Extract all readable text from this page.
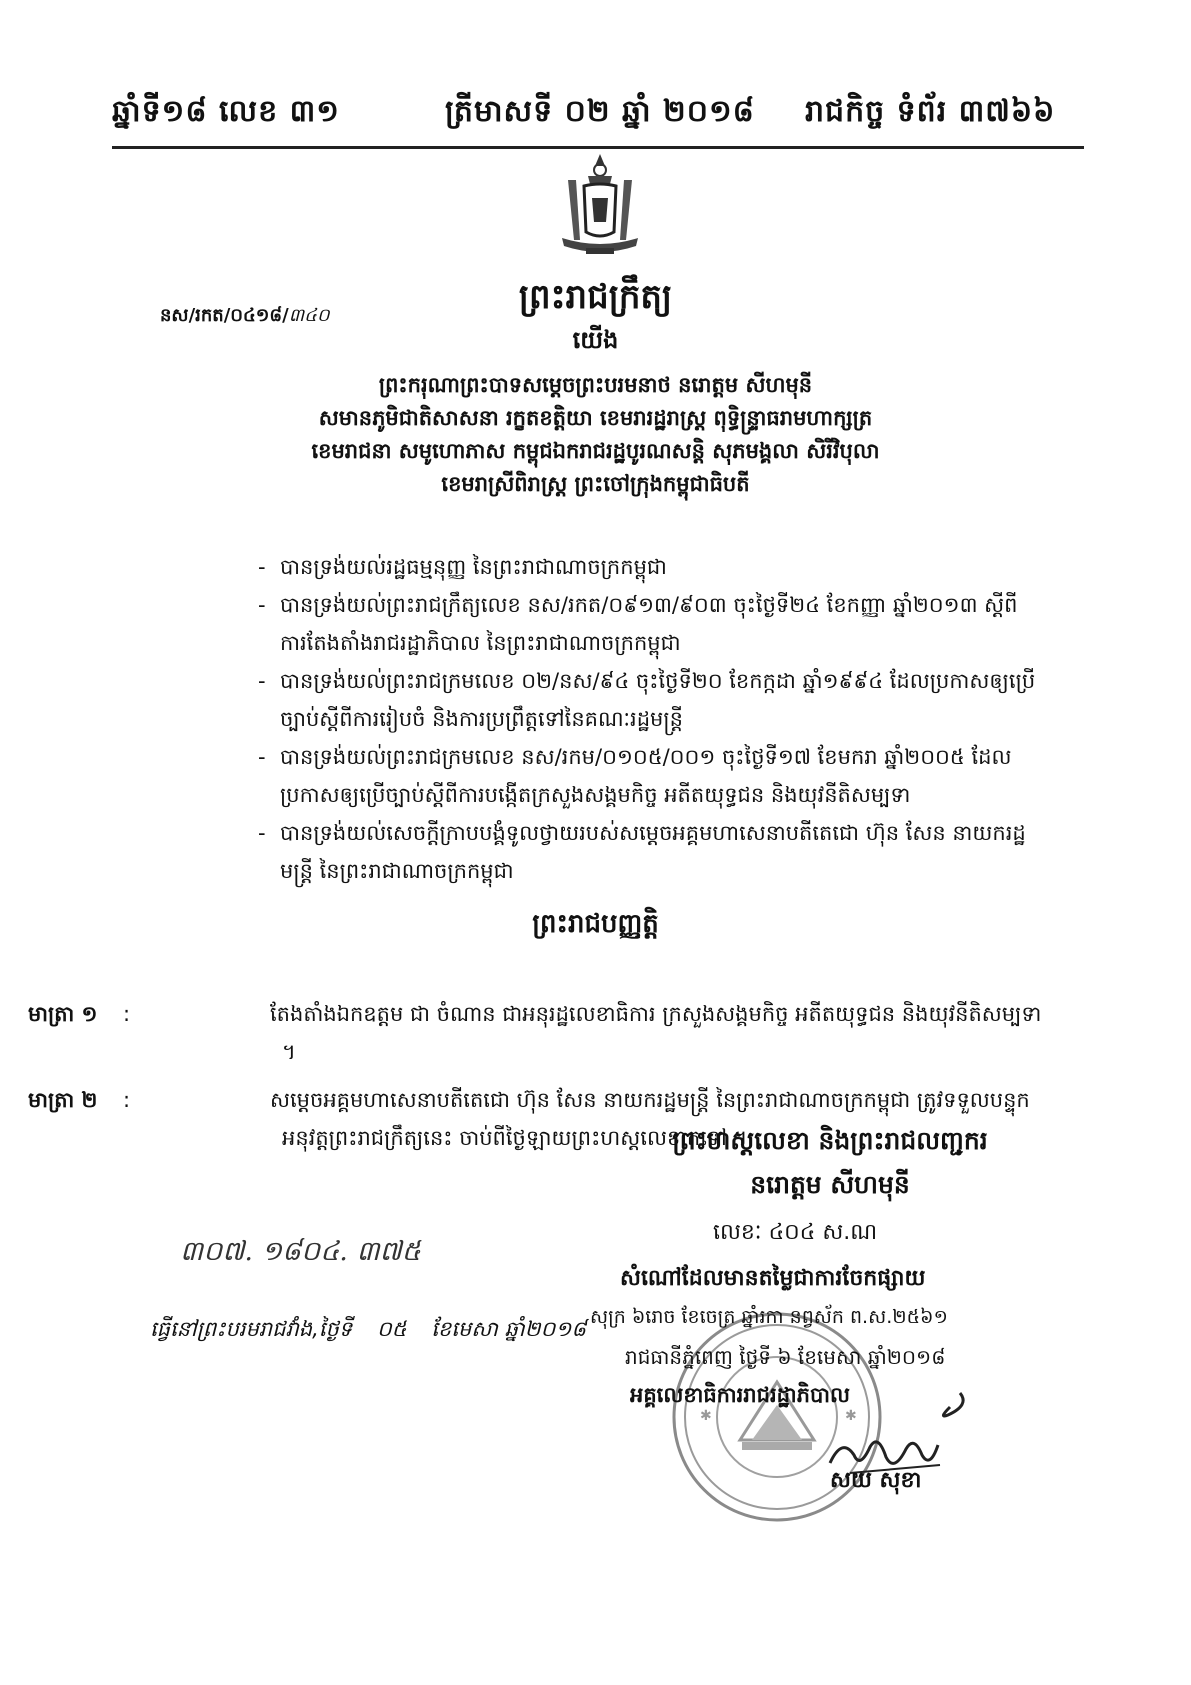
ឆ្នាំទី១៨ លេខ ៣១	ត្រីមាសទី ០២ ឆ្នាំ ២០១៨ រាជកិច្ច ទំព័រ ៣៧៦៦
នស/រកត/០៤១៨/៣៤០	ព្រះរាជក្រឹត្យ
យើង
ព្រះករុណាព្រះបាទសម្តេចព្រះបរមនាថ នរោត្តម សីហមុនី
សមានភូមិជាតិសាសនា រក្ខតខត្តិយា ខេមរារដ្ឋរាស្ត្រ ពុទ្ធិន្ទ្រាធរាមហាក្សត្រ
ខេមរាជនា សមូហោភាស កម្ពុជឯករាជរដ្ឋបូរណសន្តិ សុភមង្គលា សិរីវិបុលា
ខេមរាស្រីពិរាស្ត្រ ព្រះចៅក្រុងកម្ពុជាធិបតី

- បានទ្រង់យល់រដ្ឋធម្មនុញ្ញ នៃព្រះរាជាណាចក្រកម្ពុជា

- បានទ្រង់យល់ព្រះរាជក្រឹត្យលេខ នស/រកត/០៩១៣/៩០៣ ចុះថ្ងៃទី២៤ ខែកញ្ញា ឆ្នាំ២០១៣ ស្តីពីការតែងតាំងរាជរដ្ឋាភិបាល នៃព្រះរាជាណាចក្រកម្ពុជា

- បានទ្រង់យល់ព្រះរាជក្រមលេខ ០២/នស/៩៤ ចុះថ្ងៃទី២០ ខែកក្កដា ឆ្នាំ១៩៩៤ ដែលប្រកាសឲ្យប្រើច្បាប់ស្តីពីការរៀបចំ និងការប្រព្រឹត្តទៅនៃគណៈរដ្ឋមន្ត្រី

- បានទ្រង់យល់ព្រះរាជក្រមលេខ នស/រកម/០១០៥/០០១ ចុះថ្ងៃទី១៧ ខែមករា ឆ្នាំ២០០៥ ដែលប្រកាសឲ្យប្រើច្បាប់ស្តីពីការបង្កើតក្រសួងសង្គមកិច្ច អតីតយុទ្ធជន និងយុវនីតិសម្បទា

- បានទ្រង់យល់សេចក្តីក្រាបបង្គំទូលថ្វាយរបស់សម្តេចអគ្គមហាសេនាបតីតេជោ ហ៊ុន សែន នាយករដ្ឋមន្ត្រី នៃព្រះរាជាណាចក្រកម្ពុជា

ព្រះរាជបញ្ញត្តិ

មាត្រា ១ :	តែងតាំងឯកឧត្តម ជា ចំណាន ជាអនុរដ្ឋលេខាធិការ ក្រសួងសង្គមកិច្ច អតីតយុទ្ធជន និងយុវនីតិសម្បទា ។

មាត្រា ២ :	សម្តេចអគ្គមហាសេនាបតីតេជោ ហ៊ុន សែន នាយករដ្ឋមន្ត្រី នៃព្រះរាជាណាចក្រកម្ពុជា ត្រូវទទួលបន្ទុកអនុវត្តព្រះរាជក្រឹត្យនេះ ចាប់ពីថ្ងៃឡាយព្រះហស្តលេខាតទៅ ។

ព្រះហស្តលេខា និងព្រះរាជលញ្ជករ
នរោត្តម សីហមុនី
៣០៧. ១៨០៤. ៣៧៥
ធ្វើនៅព្រះបរមរាជវាំង,ថ្ងៃទី ០៥ ខែមេសា ឆ្នាំ២០១៨
✱	✱
លេខៈ ៤០៤ ស.ណ
សំណៅដែលមានតម្លៃជាការចែកផ្សាយ
សុក្រ ៦រោច ខែចេត្រ ឆ្នាំរកា នព្វស័ក ព.ស.២៥៦១
រាជធានីភ្នំពេញ ថ្ងៃទី ៦ ខែមេសា ឆ្នាំ២០១៨
អគ្គលេខាធិការរាជរដ្ឋាភិបាល
សយ សុខា
